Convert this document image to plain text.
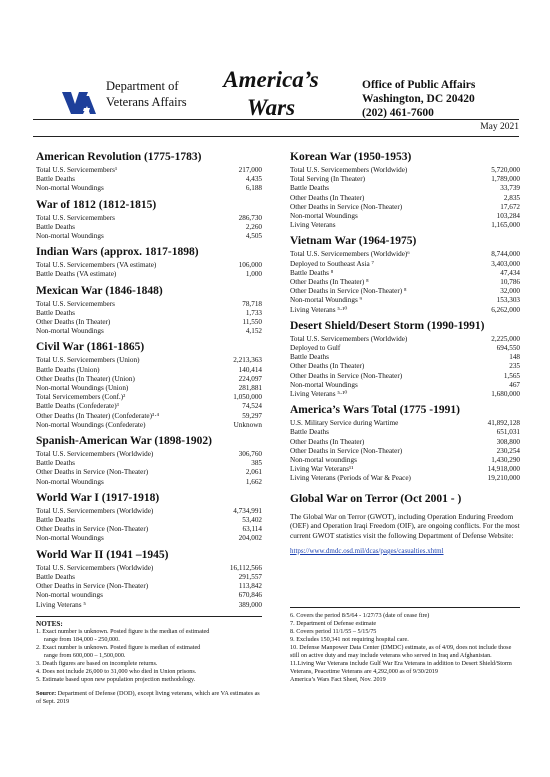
Department of
Veterans Affairs
America’s
Wars
Office of Public Affairs
Washington, DC 20420
(202) 461-7600
May 2021
American Revolution (1775-1783)
Total U.S. Servicemembers¹	217,000
Battle Deaths	4,435
Non-mortal Woundings	6,188
War of 1812 (1812-1815)
Total U.S. Servicemembers	286,730
Battle Deaths	2,260
Non-mortal Woundings	4,505
Indian Wars (approx. 1817-1898)
Total U.S. Servicemembers (VA estimate)	106,000
Battle Deaths (VA estimate)	1,000
Mexican War (1846-1848)
Total U.S. Servicemembers	78,718
Battle Deaths	1,733
Other Deaths (In Theater)	11,550
Non-mortal Woundings	4,152
Civil War (1861-1865)
Total U.S. Servicemembers (Union)	2,213,363
Battle Deaths (Union)	140,414
Other Deaths (In Theater) (Union)	224,097
Non-mortal Woundings (Union)	281,881
Total Servicemembers (Conf.)²	1,050,000
Battle Deaths (Confederate)³	74,524
Other Deaths (In Theater) (Confederate)³·⁴	59,297
Non-mortal Woundings (Confederate)	Unknown
Spanish-American War (1898-1902)
Total U.S. Servicemembers (Worldwide)	306,760
Battle Deaths	385
Other Deaths in Service (Non-Theater)	2,061
Non-mortal Woundings	1,662
World War I (1917-1918)
Total U.S. Servicemembers (Worldwide)	4,734,991
Battle Deaths	53,402
Other Deaths in Service (Non-Theater)	63,114
Non-mortal Woundings	204,002
World War II (1941 –1945)
Total U.S. Servicemembers (Worldwide)	16,112,566
Battle Deaths	291,557
Other Deaths in Service (Non-Theater)	113,842
Non-mortal woundings	670,846
Living Veterans ⁵	389,000
Korean War (1950-1953)
Total U.S. Servicemembers (Worldwide)	5,720,000
Total Serving (In Theater)	1,789,000
Battle Deaths	33,739
Other Deaths (In Theater)	2,835
Other Deaths in Service (Non-Theater)	17,672
Non-mortal Woundings	103,284
Living Veterans	1,165,000
Vietnam War (1964-1975)
Total U.S. Servicemembers (Worldwide)⁶	8,744,000
Deployed to Southeast Asia ⁷	3,403,000
Battle Deaths ⁸	47,434
Other Deaths (In Theater) ⁸	10,786
Other Deaths in Service (Non-Theater) ⁸	32,000
Non-mortal Woundings ⁹	153,303
Living Veterans ⁵·¹⁰	6,262,000
Desert Shield/Desert Storm (1990-1991)
Total U.S. Servicemembers (Worldwide)	2,225,000
Deployed to Gulf	694,550
Battle Deaths	148
Other Deaths (In Theater)	235
Other Deaths in Service (Non-Theater)	1,565
Non-mortal Woundings	467
Living Veterans ⁵·¹⁰	1,680,000
America’s Wars Total (1775 -1991)
U.S. Military Service during Wartime	41,892,128
Battle Deaths	651,031
Other Deaths (In Theater)	308,800
Other Deaths in Service (Non-Theater)	230,254
Non-mortal woundings	1,430,290
Living War Veterans¹¹	14,918,000
Living Veterans (Periods of War & Peace)	19,210,000
Global War on Terror (Oct 2001 - )
The Global War on Terror (GWOT), including Operation Enduring Freedom (OEF) and Operation Iraqi Freedom (OIF), are ongoing conflicts. For the most current GWOT statistics visit the following Department of Defense Website:
https://www.dmdc.osd.mil/dcas/pages/casualties.xhtml
NOTES:
1. Exact number is unknown. Posted figure is the median of estimated
range from 184,000 - 250,000.
2. Exact number is unknown. Posted figure is median of estimated
range from 600,000 – 1,500,000.
3. Death figures are based on incomplete returns.
4. Does not include 26,000 to 31,000 who died in Union prisons.
5. Estimate based upon new population projection methodology.
Source: Department of Defense (DOD), except living veterans, which are VA estimates as of Sept. 2019
6. Covers the period 8/5/64 - 1/27/73 (date of cease fire)
7. Department of Defense estimate
8. Covers period 11/1/55 – 5/15/75
9. Excludes 150,341 not requiring hospital care.
10. Defense Manpower Data Center (DMDC) estimate, as of 4/09, does not include those still on active duty and may include veterans who served in Iraq and Afghanistan.
11.Living War Veterans include Gulf War Era Veterans in addition to Desert Shield/Storm Veterans, Peacetime Veterans are 4,292,000 as of 9/30/2019
America’s Wars Fact Sheet, Nov. 2019
